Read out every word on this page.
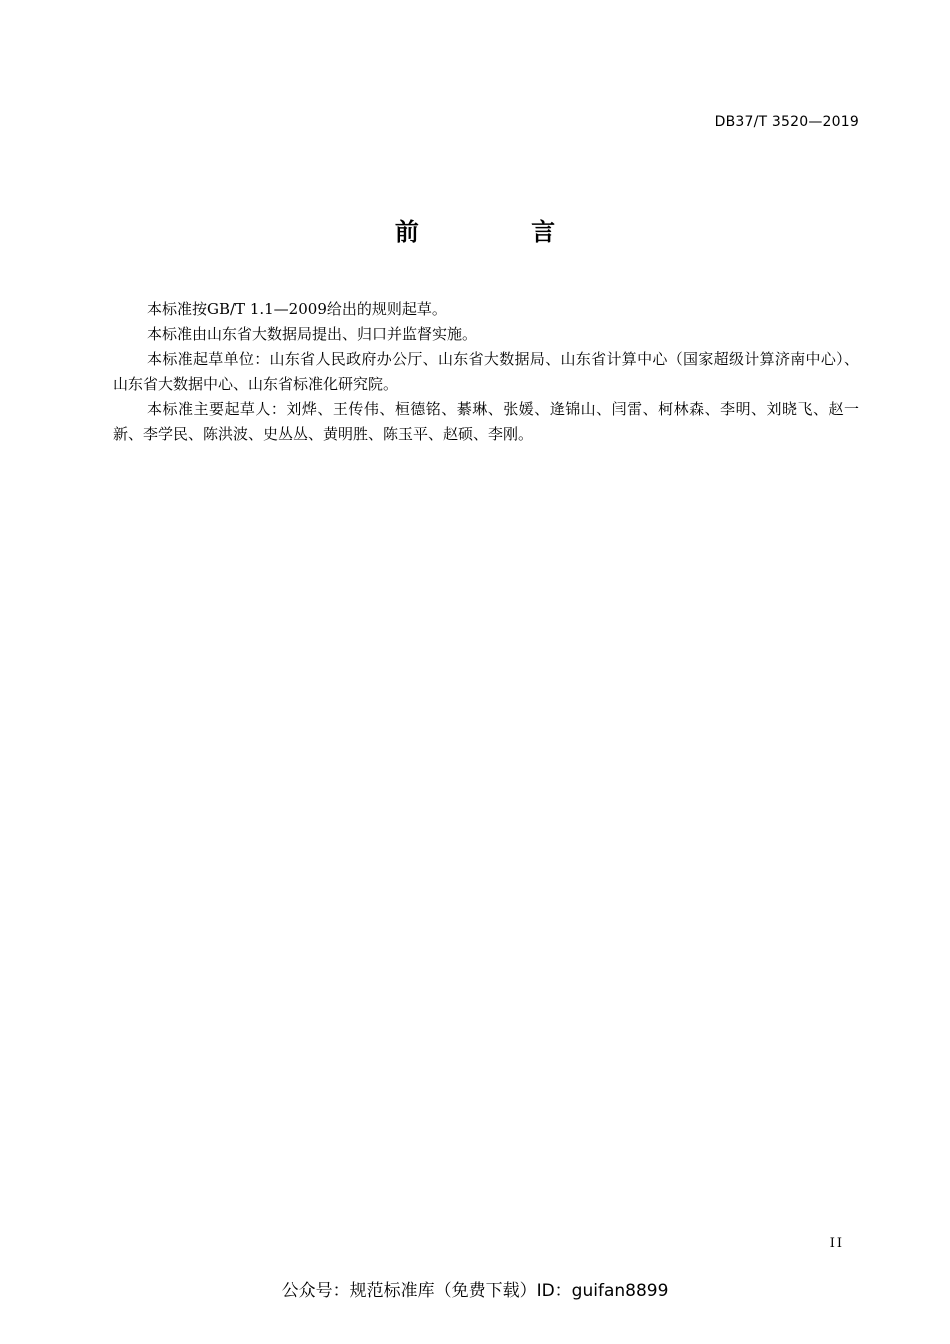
DB37/T 3520—2019
前 言

本标准按GB/T 1.1—2009给出的规则起草。

本标准由山东省大数据局提出、归口并监督实施。

本标准起草单位：山东省人民政府办公厅、山东省大数据局、山东省计算中心（国家超级计算济南中心）、山东省大数据中心、山东省标准化研究院。

本标准主要起草人：刘烨、王传伟、桓德铭、綦琳、张媛、逄锦山、闫雷、柯林森、李明、刘晓飞、赵一新、李学民、陈洪波、史丛丛、黄明胜、陈玉平、赵硕、李刚。

II
公众号：规范标准库（免费下载）ID：guifan8899
